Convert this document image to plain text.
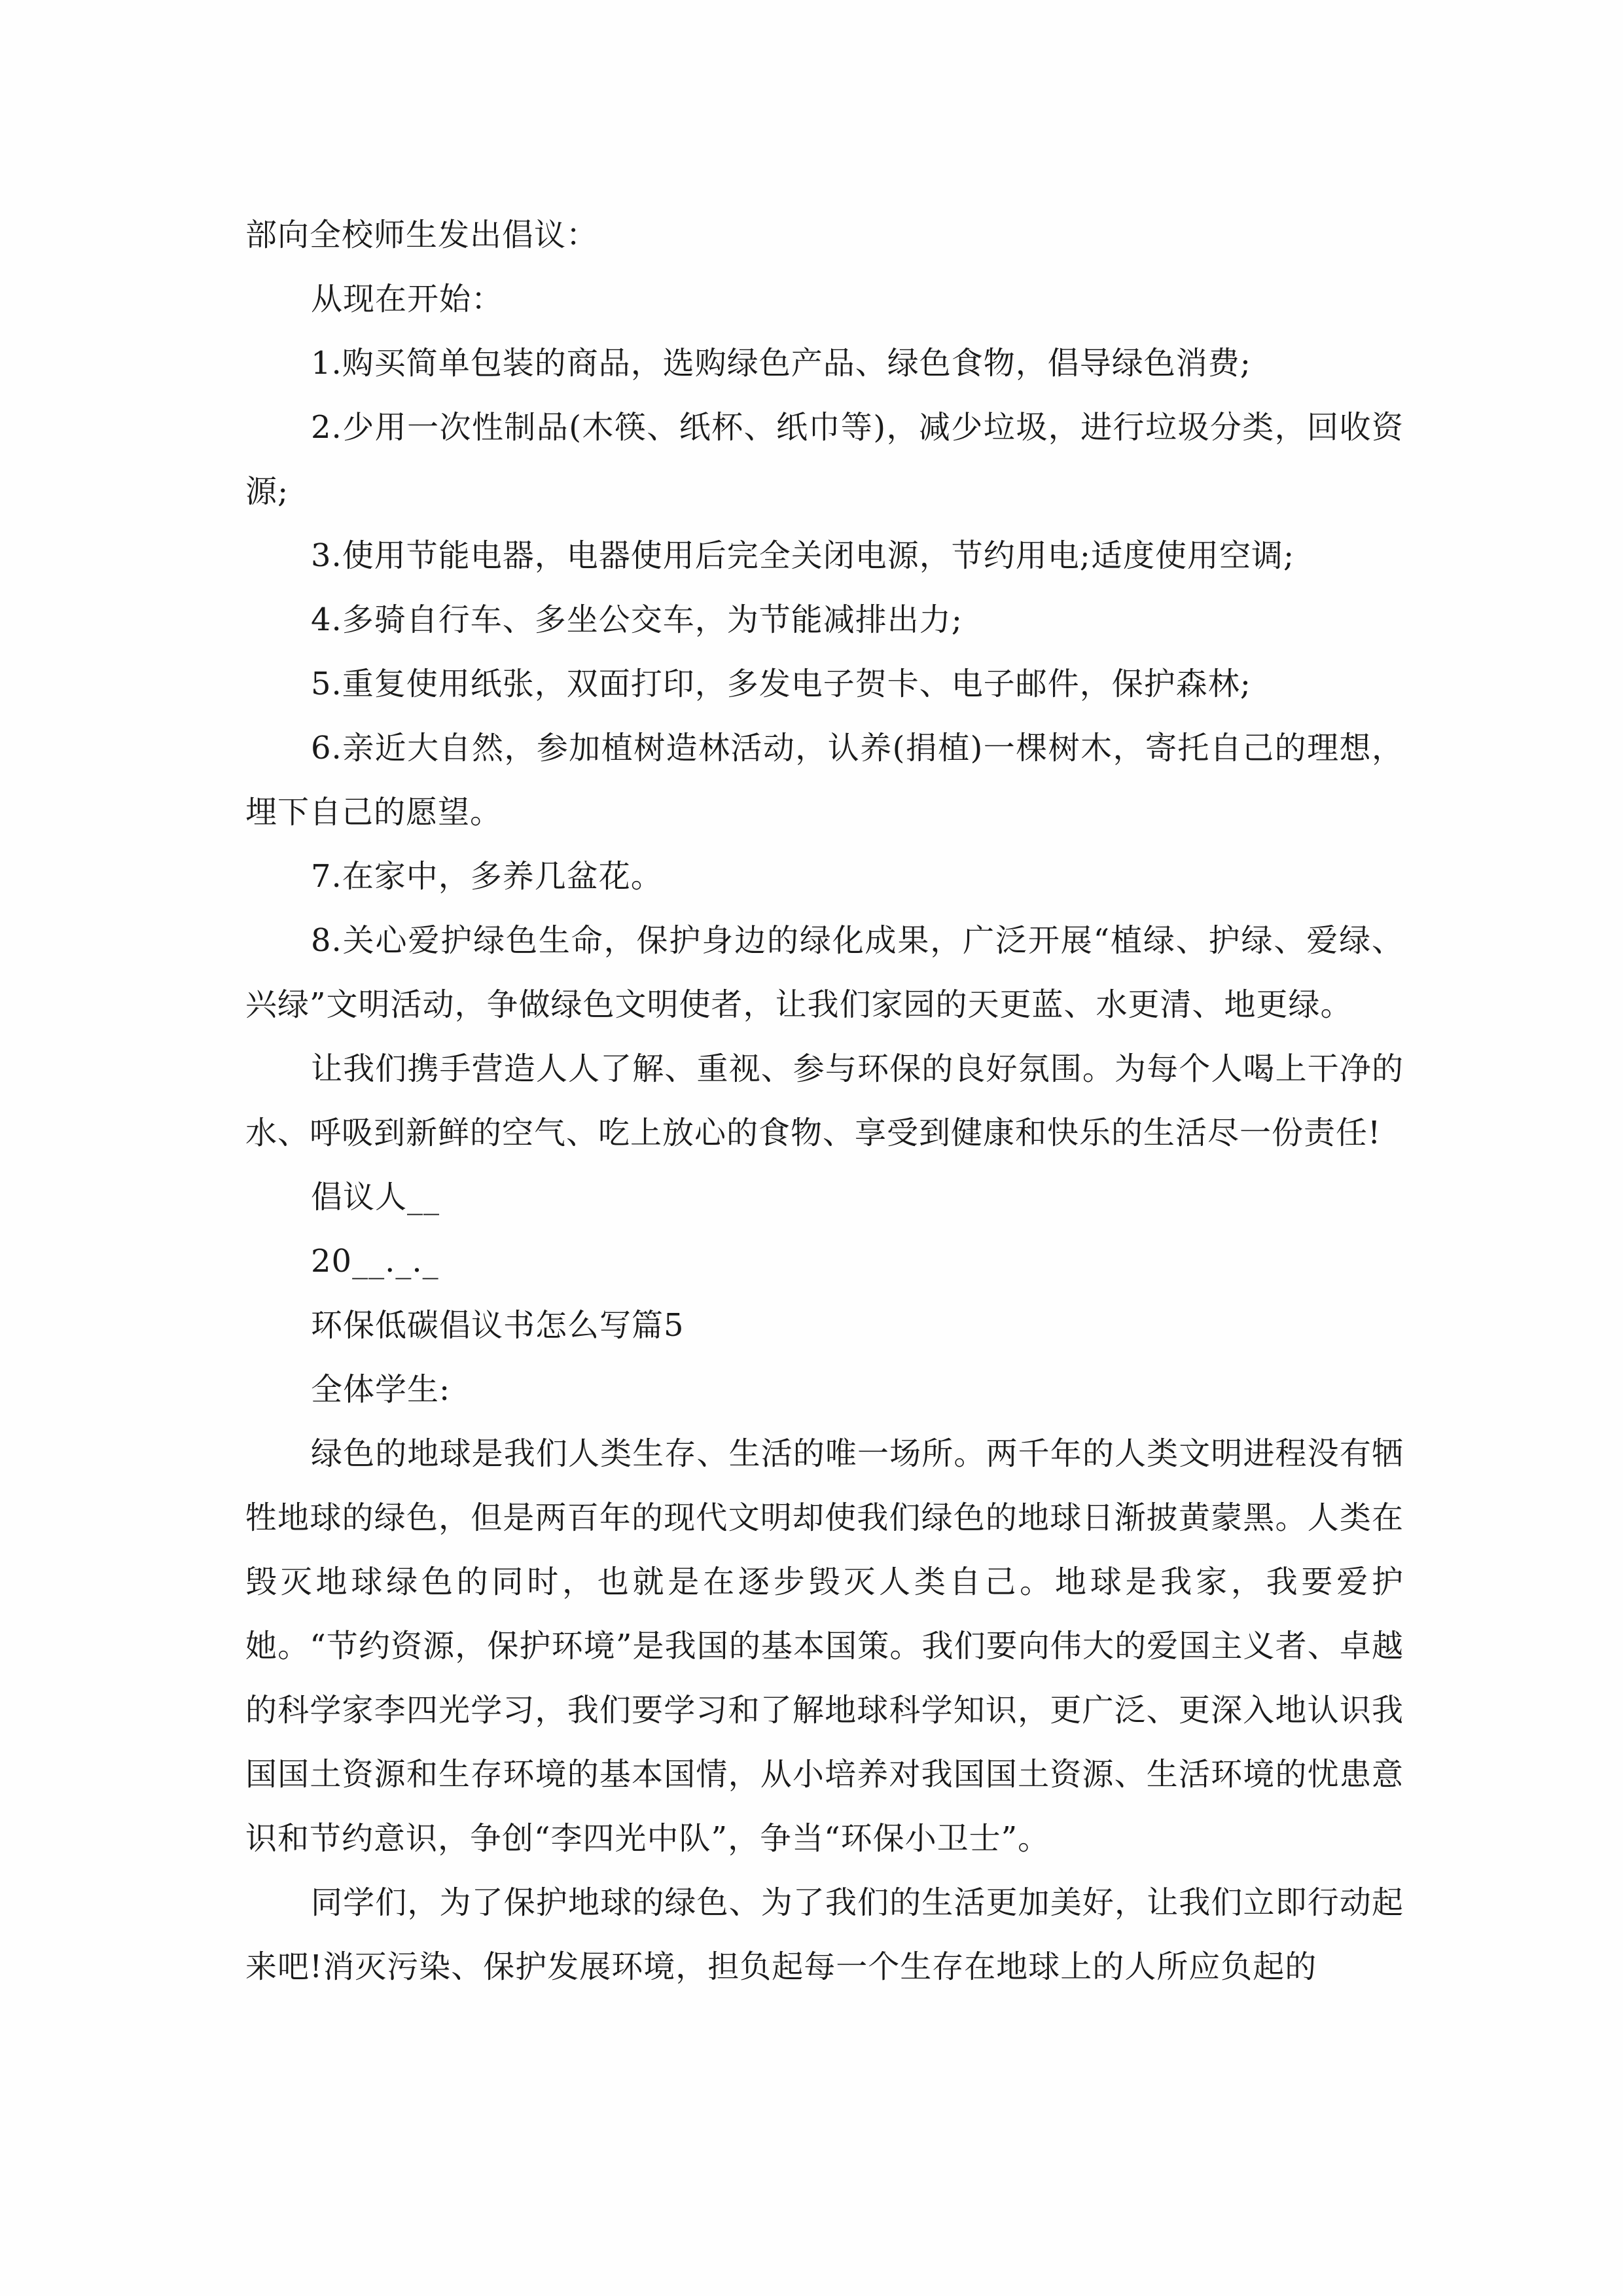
部向全校师生发出倡议：

从现在开始：

1.购买简单包装的商品，选购绿色产品、绿色食物，倡导绿色消费;

2.少用一次性制品(木筷、纸杯、纸巾等)，减少垃圾，进行垃圾分类，回收资源;

3.使用节能电器，电器使用后完全关闭电源，节约用电;适度使用空调;

4.多骑自行车、多坐公交车，为节能减排出力;

5.重复使用纸张，双面打印，多发电子贺卡、电子邮件，保护森林;

6.亲近大自然，参加植树造林活动，认养(捐植)一棵树木，寄托自己的理想，埋下自己的愿望。

7.在家中，多养几盆花。

8.关心爱护绿色生命，保护身边的绿化成果，广泛开展“植绿、护绿、爱绿、兴绿”文明活动，争做绿色文明使者，让我们家园的天更蓝、水更清、地更绿。

让我们携手营造人人了解、重视、参与环保的良好氛围。为每个人喝上干净的水、呼吸到新鲜的空气、吃上放心的食物、享受到健康和快乐的生活尽一份责任!

倡议人__

20__._._

环保低碳倡议书怎么写篇5

全体学生:

绿色的地球是我们人类生存、生活的唯一场所。两千年的人类文明进程没有牺牲地球的绿色，但是两百年的现代文明却使我们绿色的地球日渐披黄蒙黑。人类在毁灭地球绿色的同时，也就是在逐步毁灭人类自己。地球是我家，我要爱护她。“节约资源，保护环境”是我国的基本国策。我们要向伟大的爱国主义者、卓越的科学家李四光学习，我们要学习和了解地球科学知识，更广泛、更深入地认识我国国土资源和生存环境的基本国情，从小培养对我国国土资源、生活环境的忧患意识和节约意识，争创“李四光中队”，争当“环保小卫士”。

同学们，为了保护地球的绿色、为了我们的生活更加美好，让我们立即行动起来吧!消灭污染、保护发展环境，担负起每一个生存在地球上的人所应负起的
